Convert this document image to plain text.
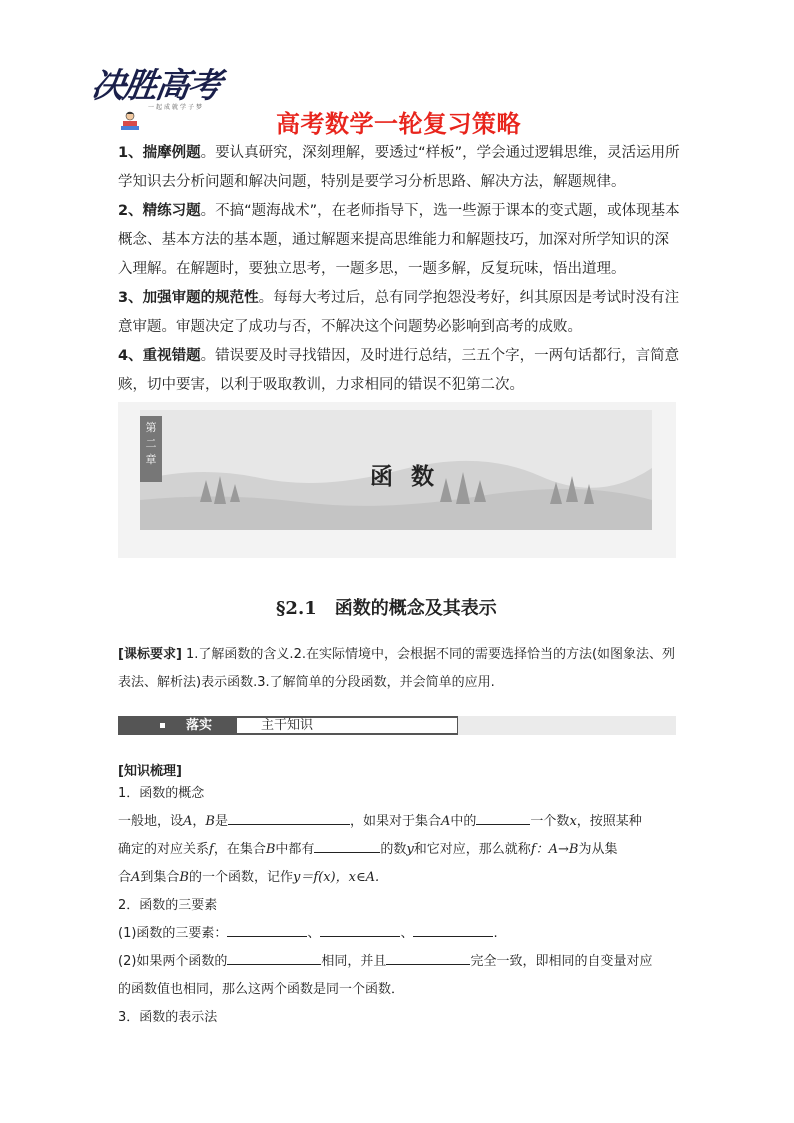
决胜高考
一起成就学子梦
高考数学一轮复习策略

1、揣摩例题。要认真研究，深刻理解，要透过“样板”，学会通过逻辑思维，灵活运用所学知识去分析问题和解决问题，特别是要学习分析思路、解决方法，解题规律。

2、精练习题。不搞“题海战术”，在老师指导下，选一些源于课本的变式题，或体现基本概念、基本方法的基本题，通过解题来提高思维能力和解题技巧，加深对所学知识的深入理解。在解题时，要独立思考，一题多思，一题多解，反复玩味，悟出道理。

3、加强审题的规范性。每每大考过后，总有同学抱怨没考好，纠其原因是考试时没有注意审题。审题决定了成功与否，不解决这个问题势必影响到高考的成败。

4、重视错题。错误要及时寻找错因，及时进行总结，三五个字，一两句话都行，言简意赅，切中要害，以利于吸取教训，力求相同的错误不犯第二次。

第
二
章
函数
§2.1　函数的概念及其表示

[课标要求] 1.了解函数的含义.2.在实际情境中，会根据不同的需要选择恰当的方法(如图象法、列表法、解析法)表示函数.3.了解简单的分段函数，并会简单的应用.

落实	主干知识
[知识梳理]

1．函数的概念

一般地，设A，B是	，如果对于集合A中的	一个数x，按照某种

确定的对应关系f，在集合B中都有	的数y和它对应，那么就称f：A→B为从集

合A到集合B的一个函数，记作y＝f(x)，x∈A.

2．函数的三要素

(1)函数的三要素：	、	、	.

(2)如果两个函数的	相同，并且	完全一致，即相同的自变量对应

的函数值也相同，那么这两个函数是同一个函数．

3．函数的表示法
